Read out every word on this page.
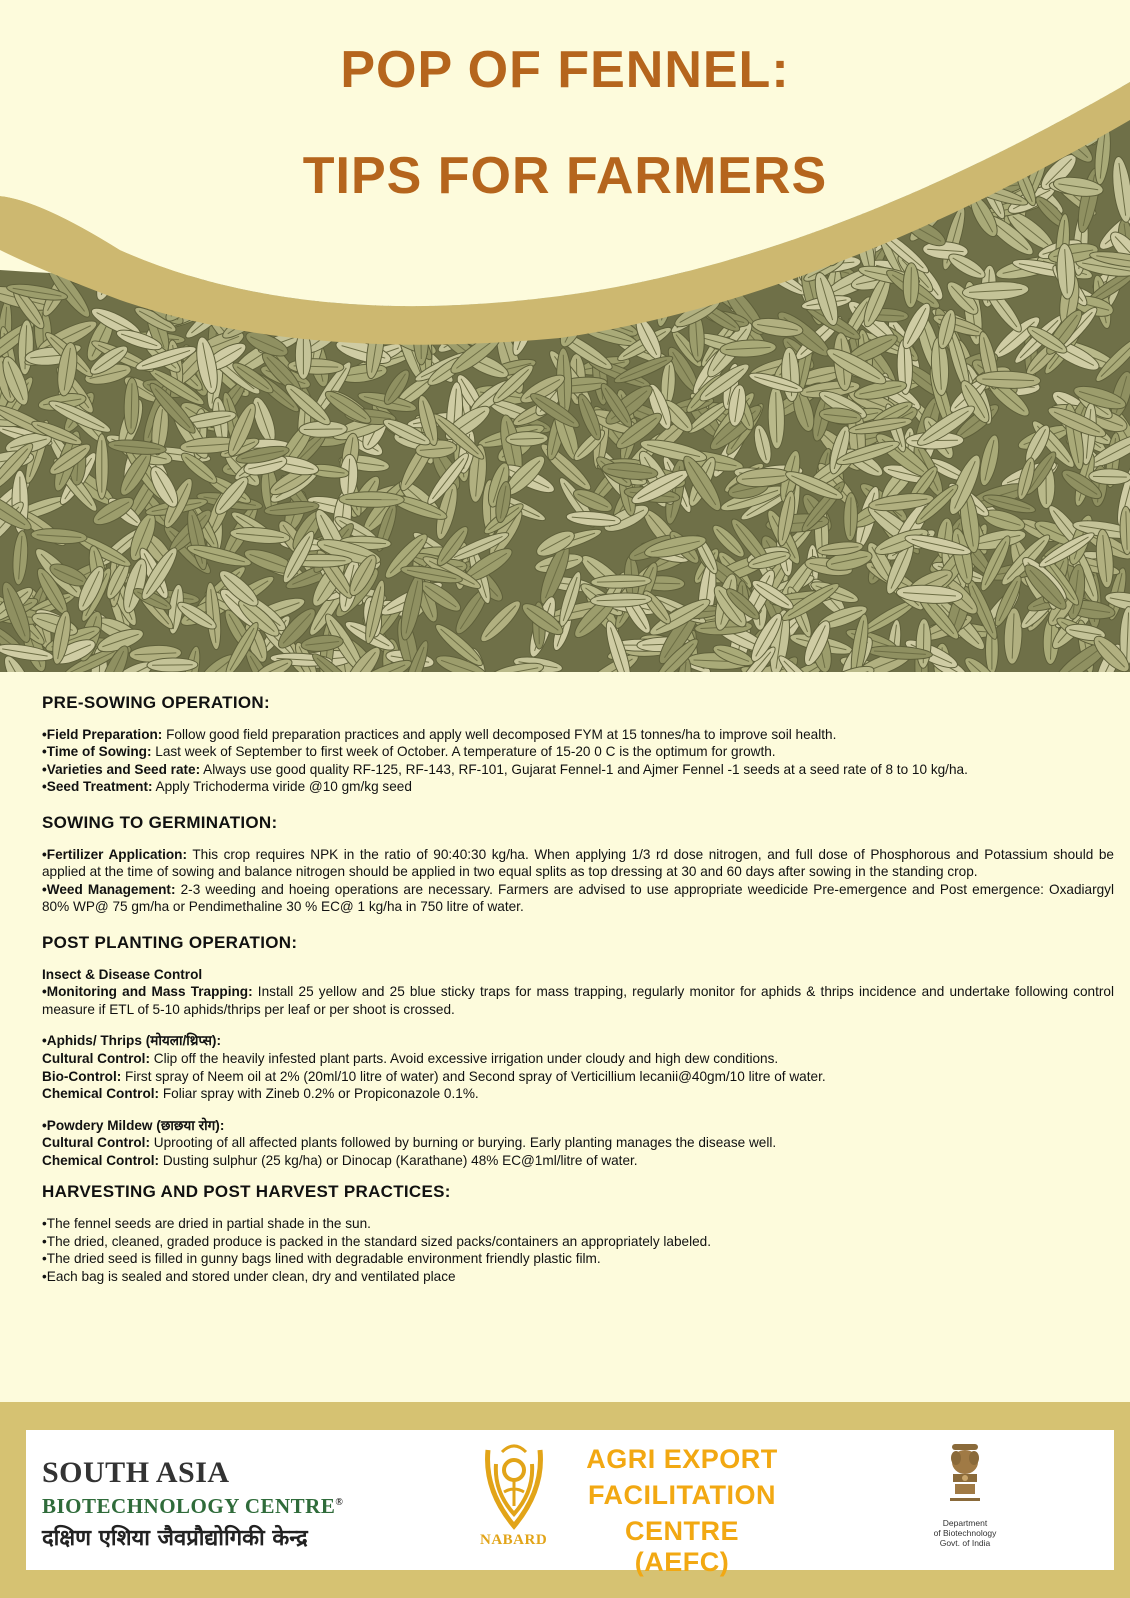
POP OF FENNEL:
TIPS FOR FARMERS
PRE-SOWING OPERATION:
•Field Preparation: Follow good field preparation practices and apply well decomposed FYM at 15 tonnes/ha to improve soil health.
•Time of Sowing: Last week of September to first week of October. A temperature of 15-20 0 C is the optimum for growth.
•Varieties and Seed rate: Always use good quality RF-125, RF-143, RF-101, Gujarat Fennel-1 and Ajmer Fennel -1 seeds at a seed rate of 8 to 10 kg/ha.
•Seed Treatment: Apply Trichoderma viride @10 gm/kg seed
SOWING TO GERMINATION:
•Fertilizer Application: This crop requires NPK in the ratio of 90:40:30 kg/ha. When applying 1/3 rd dose nitrogen, and full dose of Phosphorous and Potassium should be applied at the time of sowing and balance nitrogen should be applied in two equal splits as top dressing at 30 and 60 days after sowing in the standing crop.
•Weed Management: 2-3 weeding and hoeing operations are necessary. Farmers are advised to use appropriate weedicide Pre-emergence and Post emergence: Oxadiargyl 80% WP@ 75 gm/ha or Pendimethaline 30 % EC@ 1 kg/ha in 750 litre of water.
POST PLANTING OPERATION:
Insect & Disease Control
•Monitoring and Mass Trapping: Install 25 yellow and 25 blue sticky traps for mass trapping, regularly monitor for aphids & thrips incidence and undertake following control measure if ETL of 5-10 aphids/thrips per leaf or per shoot is crossed.
•Aphids/ Thrips (मोयला/थ्रिप्स):
Cultural Control: Clip off the heavily infested plant parts. Avoid excessive irrigation under cloudy and high dew conditions.
Bio-Control: First spray of Neem oil at 2% (20ml/10 litre of water) and Second spray of Verticillium lecanii@40gm/10 litre of water.
Chemical Control: Foliar spray with Zineb 0.2% or Propiconazole 0.1%.
•Powdery Mildew (छाछया रोग):
Cultural Control: Uprooting of all affected plants followed by burning or burying. Early planting manages the disease well.
Chemical Control: Dusting sulphur (25 kg/ha) or Dinocap (Karathane) 48% EC@1ml/litre of water.
HARVESTING AND POST HARVEST PRACTICES:
•The fennel seeds are dried in partial shade in the sun.
•The dried, cleaned, graded produce is packed in the standard sized packs/containers an appropriately labeled.
•The dried seed is filled in gunny bags lined with degradable environment friendly plastic film.
•Each bag is sealed and stored under clean, dry and ventilated place
SOUTH ASIA
BIOTECHNOLOGY CENTRE®
दक्षिण एशिया जैवप्रौद्योगिकी केन्द्र	NABARD
AGRI EXPORT
FACILITATION
CENTRE (AEFC)
Department
of Biotechnology
Govt. of India
